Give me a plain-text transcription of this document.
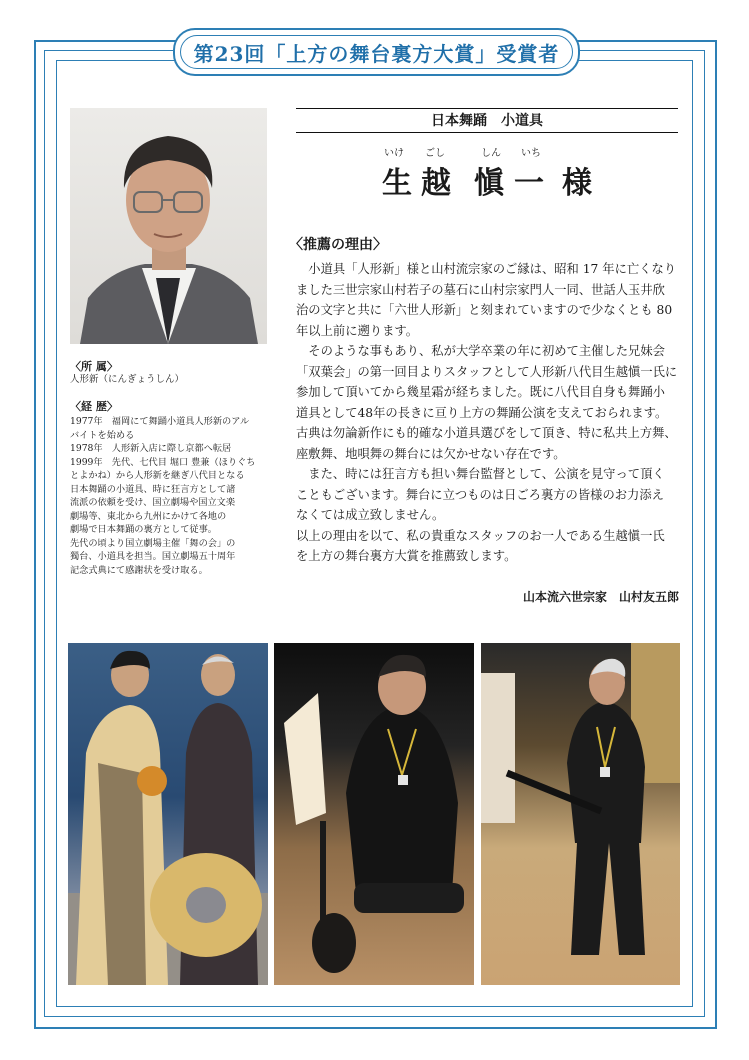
第23回「上方の舞台裏方大賞」受賞者
〈所 属〉
人形新（にんぎょうしん）
〈経 歴〉

1977年　福岡にて舞踊小道具人形新のアル

バイトを始める

1978年　人形新入店に際し京都へ転居

1999年　先代、七代目 堀口 豊兼（ほりぐち

とよかね）から人形新を継ぎ八代目となる

日本舞踊の小道具、時に狂言方として諸

流派の依頼を受け、国立劇場や国立文楽

劇場等、東北から九州にかけて各地の

劇場で日本舞踊の裏方として従事。

先代の頃より国立劇場主催「舞の会」の

獨台、小道具を担当。国立劇場五十周年

記念式典にて感謝状を受け取る。

日本舞踊　小道具
いけ ごし	しん いち
生 越 愼 一 様
〈推薦の理由〉

小道具「人形新」様と山村流宗家のご縁は、昭和 17 年に亡くなり

ました三世宗家山村若子の墓石に山村宗家門人一同、世話人玉井欣

治の文字と共に「六世人形新」と刻まれていますので少なくとも 80

年以上前に遡ります。

そのような事もあり、私が大学卒業の年に初めて主催した兄妹会

「双葉会」の第一回目よりスタッフとして人形新八代目生越愼一氏に

参加して頂いてから幾星霜が経ちました。既に八代目自身も舞踊小

道具として48年の長きに亘り上方の舞踊公演を支えておられます。

古典は勿論新作にも的確な小道具選びをして頂き、特に私共上方舞、

座敷舞、地唄舞の舞台には欠かせない存在です。

また、時には狂言方も担い舞台監督として、公演を見守って頂く

こともございます。舞台に立つものは日ごろ裏方の皆様のお力添え

なくては成立致しません。

以上の理由を以て、私の貴重なスタッフのお一人である生越愼一氏

を上方の舞台裏方大賞を推薦致します。

山本流六世宗家　山村友五郎
